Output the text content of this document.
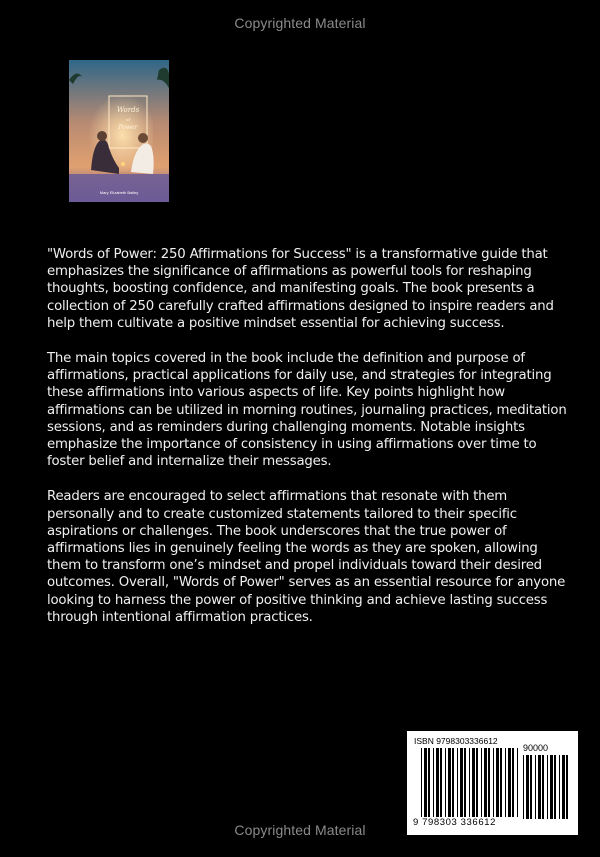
Copyrighted Material
Words
of
Power
Mary Elizabeth Bailey

"Words of Power: 250 Affirmations for Success" is a transformative guide that emphasizes the significance of affirmations as powerful tools for reshaping thoughts, boosting confidence, and manifesting goals. The book presents a collection of 250 carefully crafted affirmations designed to inspire readers and help them cultivate a positive mindset essential for achieving success.

The main topics covered in the book include the definition and purpose of affirmations, practical applications for daily use, and strategies for integrating these affirmations into various aspects of life. Key points highlight how affirmations can be utilized in morning routines, journaling practices, meditation sessions, and as reminders during challenging moments. Notable insights emphasize the importance of consistency in using affirmations over time to foster belief and internalize their messages.

Readers are encouraged to select affirmations that resonate with them personally and to create customized statements tailored to their specific aspirations or challenges. The book underscores that the true power of affirmations lies in genuinely feeling the words as they are spoken, allowing them to transform one’s mindset and propel individuals toward their desired outcomes. Overall, "Words of Power" serves as an essential resource for anyone looking to harness the power of positive thinking and achieve lasting success through intentional affirmation practices.

ISBN 9798303336612
90000
9 798303 336612
Copyrighted Material
